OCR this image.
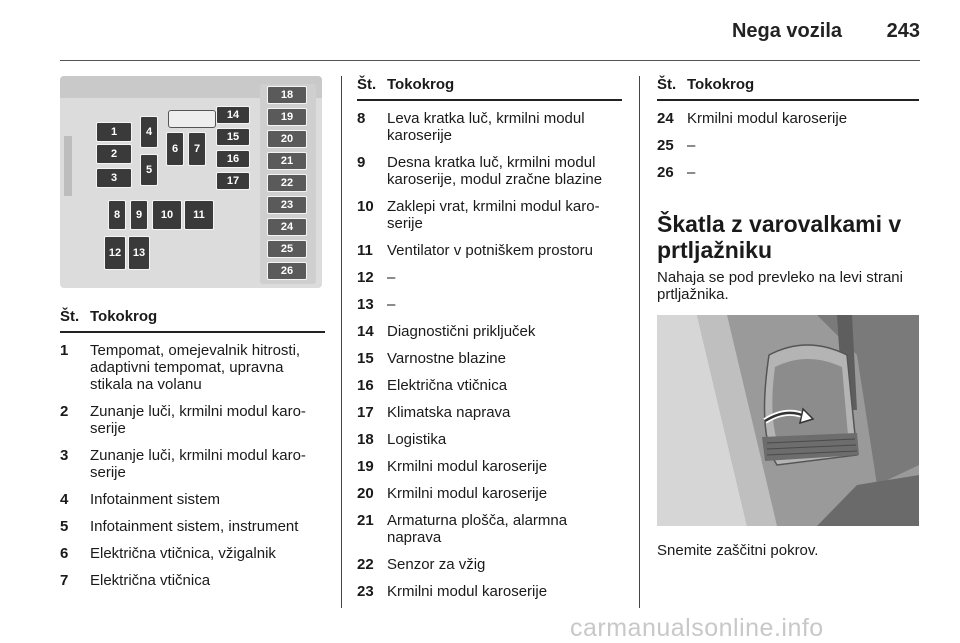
Nega vozila 243
1
2
3
4
5
6	7
8	9	10	11
12	13
14
15
16
17
18
19
20
21
22
23
24
25
26
Št. Tokokrog
1	Tempomat, omejevalnik hitrosti, adaptivni tempomat, upravna stikala na volanu
2	Zunanje luči, krmilni modul karoserije
3	Zunanje luči, krmilni modul karoserije
4	Infotainment sistem
5	Infotainment sistem, instrument
6	Električna vtičnica, vžigalnik
7	Električna vtičnica
Št. Tokokrog
8	Leva kratka luč, krmilni modul karoserije
9	Desna kratka luč, krmilni modul karoserije, modul zračne blazine
10 Zaklepi vrat, krmilni modul karoserije
11 Ventilator v potniškem prostoru
12 –
13 –
14 Diagnostični priključek
15 Varnostne blazine
16 Električna vtičnica
17 Klimatska naprava
18 Logistika
19 Krmilni modul karoserije
20 Krmilni modul karoserije
21 Armaturna plošča, alarmna naprava
22 Senzor za vžig
23 Krmilni modul karoserije
Št. Tokokrog
24 Krmilni modul karoserije
25 –
26 –
Škatla z varovalkami v prtljažniku
Nahaja se pod prevleko na levi strani prtljažnika.
Snemite zaščitni pokrov.
carmanualsonline.info
